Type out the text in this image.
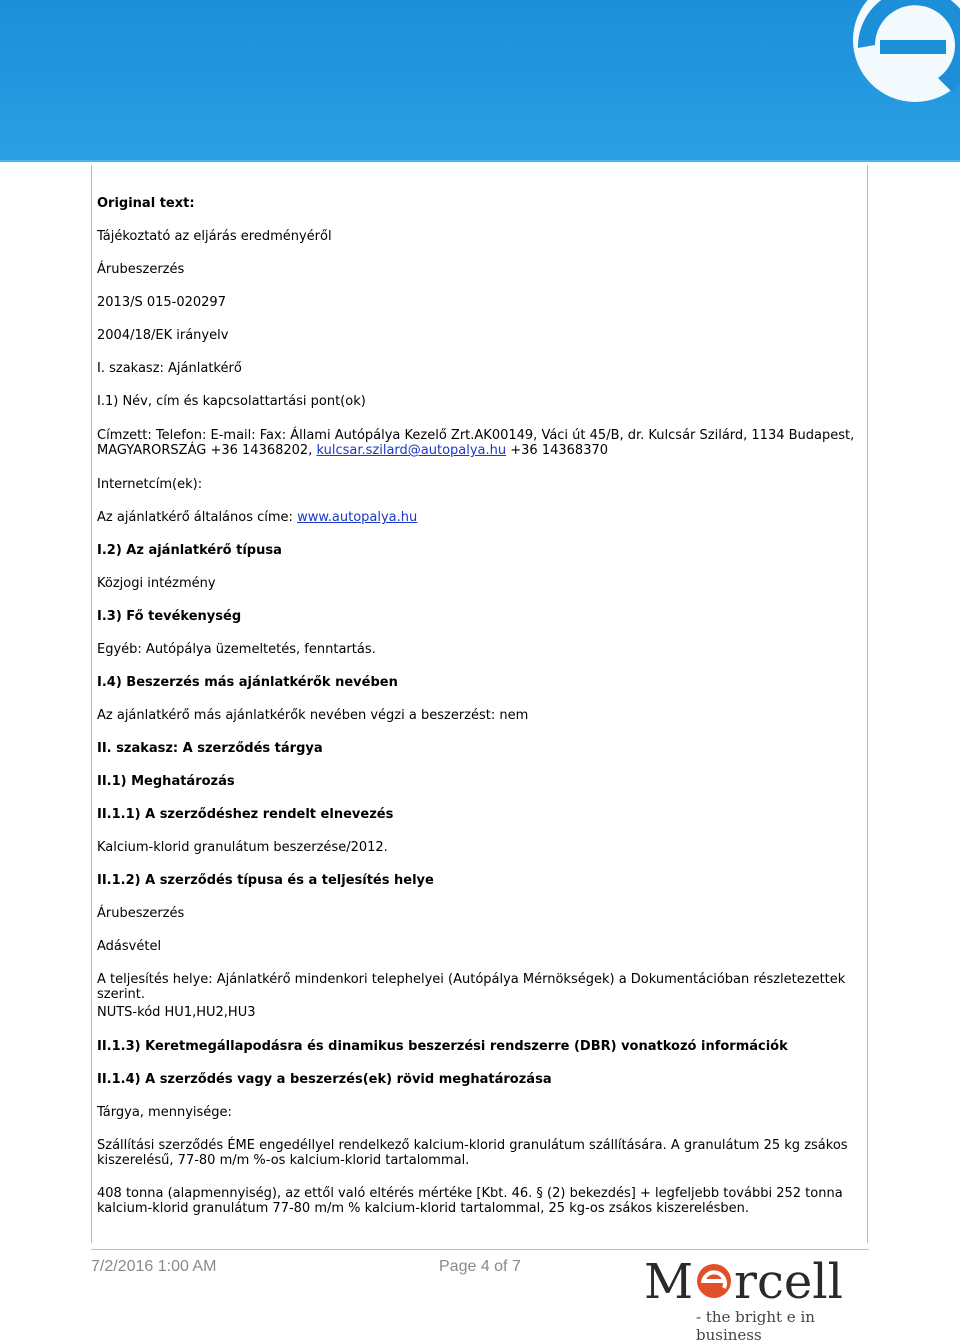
Original text:
Tájékoztató az eljárás eredményéről
Árubeszerzés
2013/S 015-020297
2004/18/EK irányelv
I. szakasz: Ajánlatkérő
I.1) Név, cím és kapcsolattartási pont(ok)
Címzett: Telefon: E-mail: Fax: Állami Autópálya Kezelő Zrt.AK00149, Váci út 45/B, dr. Kulcsár Szilárd, 1134 Budapest, MAGYARORSZÁG +36 14368202, kulcsar.szilard@autopalya.hu +36 14368370
Internetcím(ek):
Az ajánlatkérő általános címe: www.autopalya.hu
I.2) Az ajánlatkérő típusa
Közjogi intézmény
I.3) Fő tevékenység
Egyéb: Autópálya üzemeltetés, fenntartás.
I.4) Beszerzés más ajánlatkérők nevében
Az ajánlatkérő más ajánlatkérők nevében végzi a beszerzést: nem
II. szakasz: A szerződés tárgya
II.1) Meghatározás
II.1.1) A szerződéshez rendelt elnevezés
Kalcium-klorid granulátum beszerzése/2012.
II.1.2) A szerződés típusa és a teljesítés helye
Árubeszerzés
Adásvétel
A teljesítés helye: Ajánlatkérő mindenkori telephelyei (Autópálya Mérnökségek) a Dokumentációban részletezettek szerint.
NUTS-kód HU1,HU2,HU3
II.1.3) Keretmegállapodásra és dinamikus beszerzési rendszerre (DBR) vonatkozó információk
II.1.4) A szerződés vagy a beszerzés(ek) rövid meghatározása
Tárgya, mennyisége:
Szállítási szerződés ÉME engedéllyel rendelkező kalcium-klorid granulátum szállítására. A granulátum 25 kg zsákos kiszerelésű, 77-80 m/m %-os kalcium-klorid tartalommal.
408 tonna (alapmennyiség), az ettől való eltérés mértéke [Kbt. 46. § (2) bekezdés] + legfeljebb további 252 tonna kalcium-klorid granulátum 77-80 m/m % kalcium-klorid tartalommal, 25 kg-os zsákos kiszerelésben.
7/2/2016 1:00 AM	Page 4 of 7	M rcell
- the bright e in business
